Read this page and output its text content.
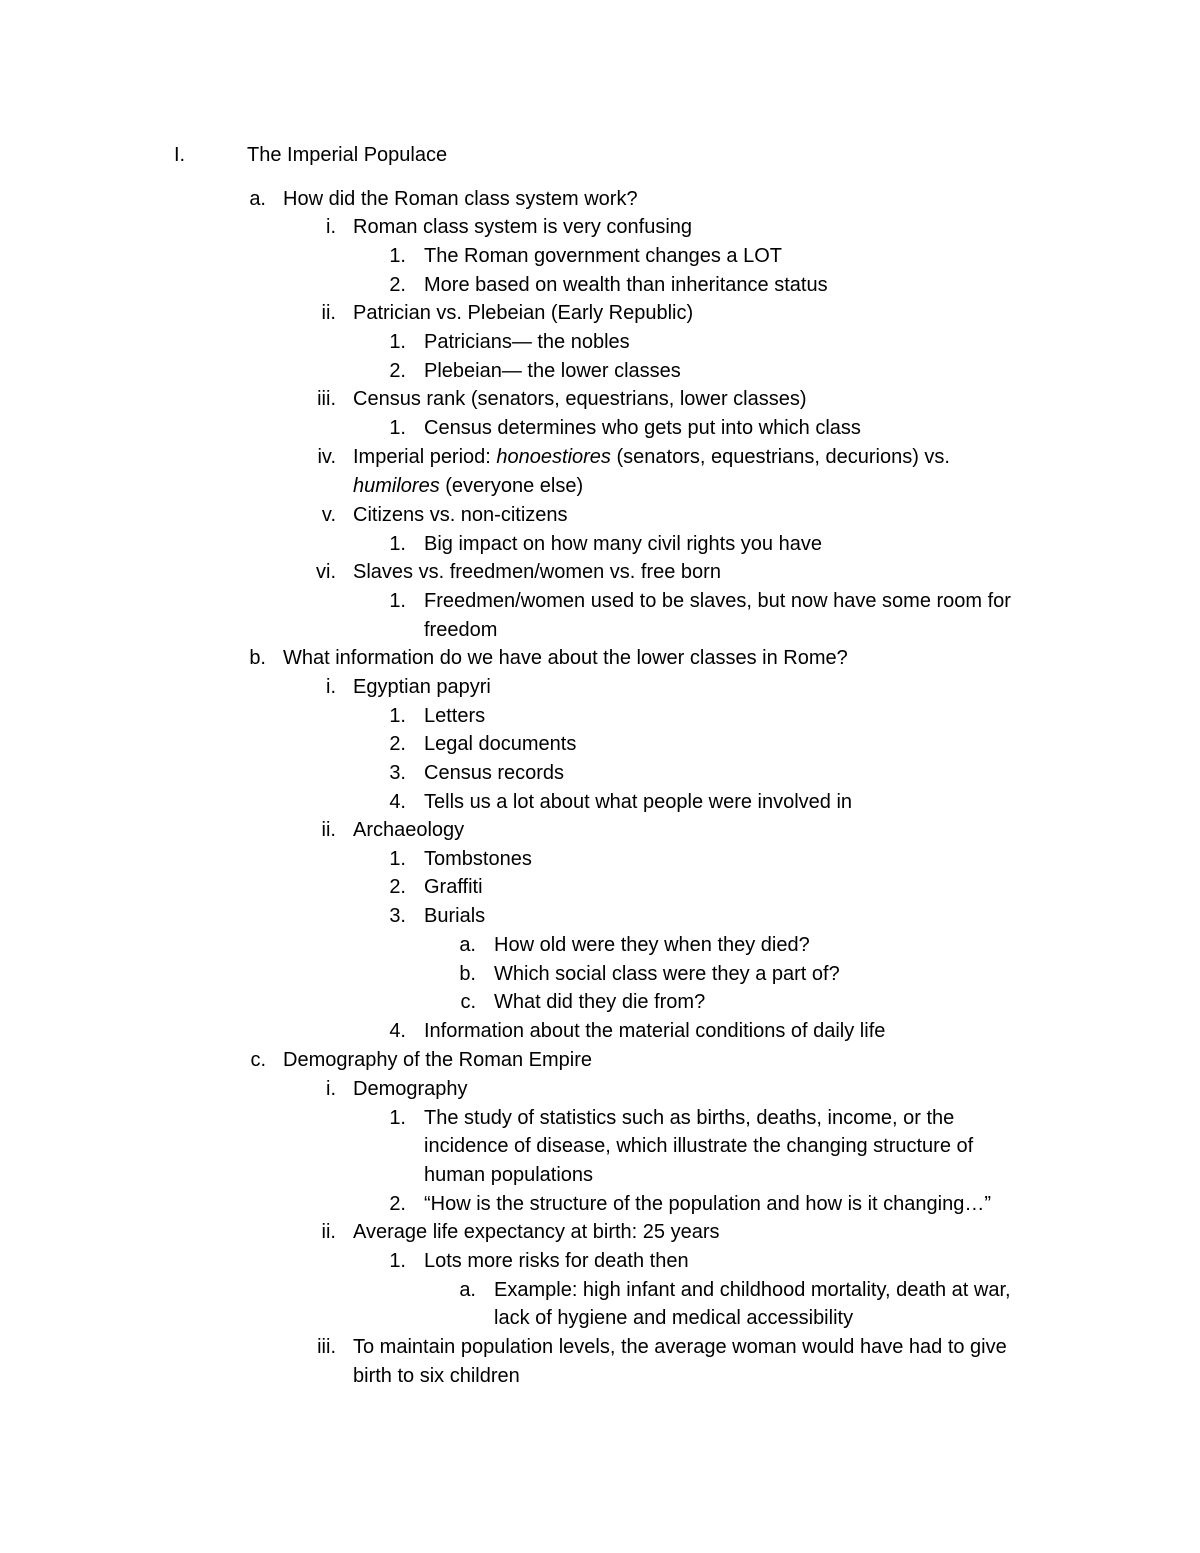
I.	The Imperial Populace
a. How did the Roman class system work?
i. Roman class system is very confusing
1. The Roman government changes a LOT
2. More based on wealth than inheritance status
ii. Patrician vs. Plebeian (Early Republic)
1. Patricians— the nobles
2. Plebeian— the lower classes
iii. Census rank (senators, equestrians, lower classes)
1. Census determines who gets put into which class
iv. Imperial period: honoestiores (senators, equestrians, decurions) vs.
humilores (everyone else)
v. Citizens vs. non-citizens
1. Big impact on how many civil rights you have
vi. Slaves vs. freedmen/women vs. free born
1. Freedmen/women used to be slaves, but now have some room for
freedom
b. What information do we have about the lower classes in Rome?
i. Egyptian papyri
1. Letters
2. Legal documents
3. Census records
4. Tells us a lot about what people were involved in
ii. Archaeology
1. Tombstones
2. Graffiti
3. Burials
a. How old were they when they died?
b. Which social class were they a part of?
c. What did they die from?
4. Information about the material conditions of daily life
c. Demography of the Roman Empire
i. Demography
1. The study of statistics such as births, deaths, income, or the
incidence of disease, which illustrate the changing structure of
human populations
2. “How is the structure of the population and how is it changing…”
ii. Average life expectancy at birth: 25 years
1. Lots more risks for death then
a. Example: high infant and childhood mortality, death at war,
lack of hygiene and medical accessibility
iii. To maintain population levels, the average woman would have had to give
birth to six children
